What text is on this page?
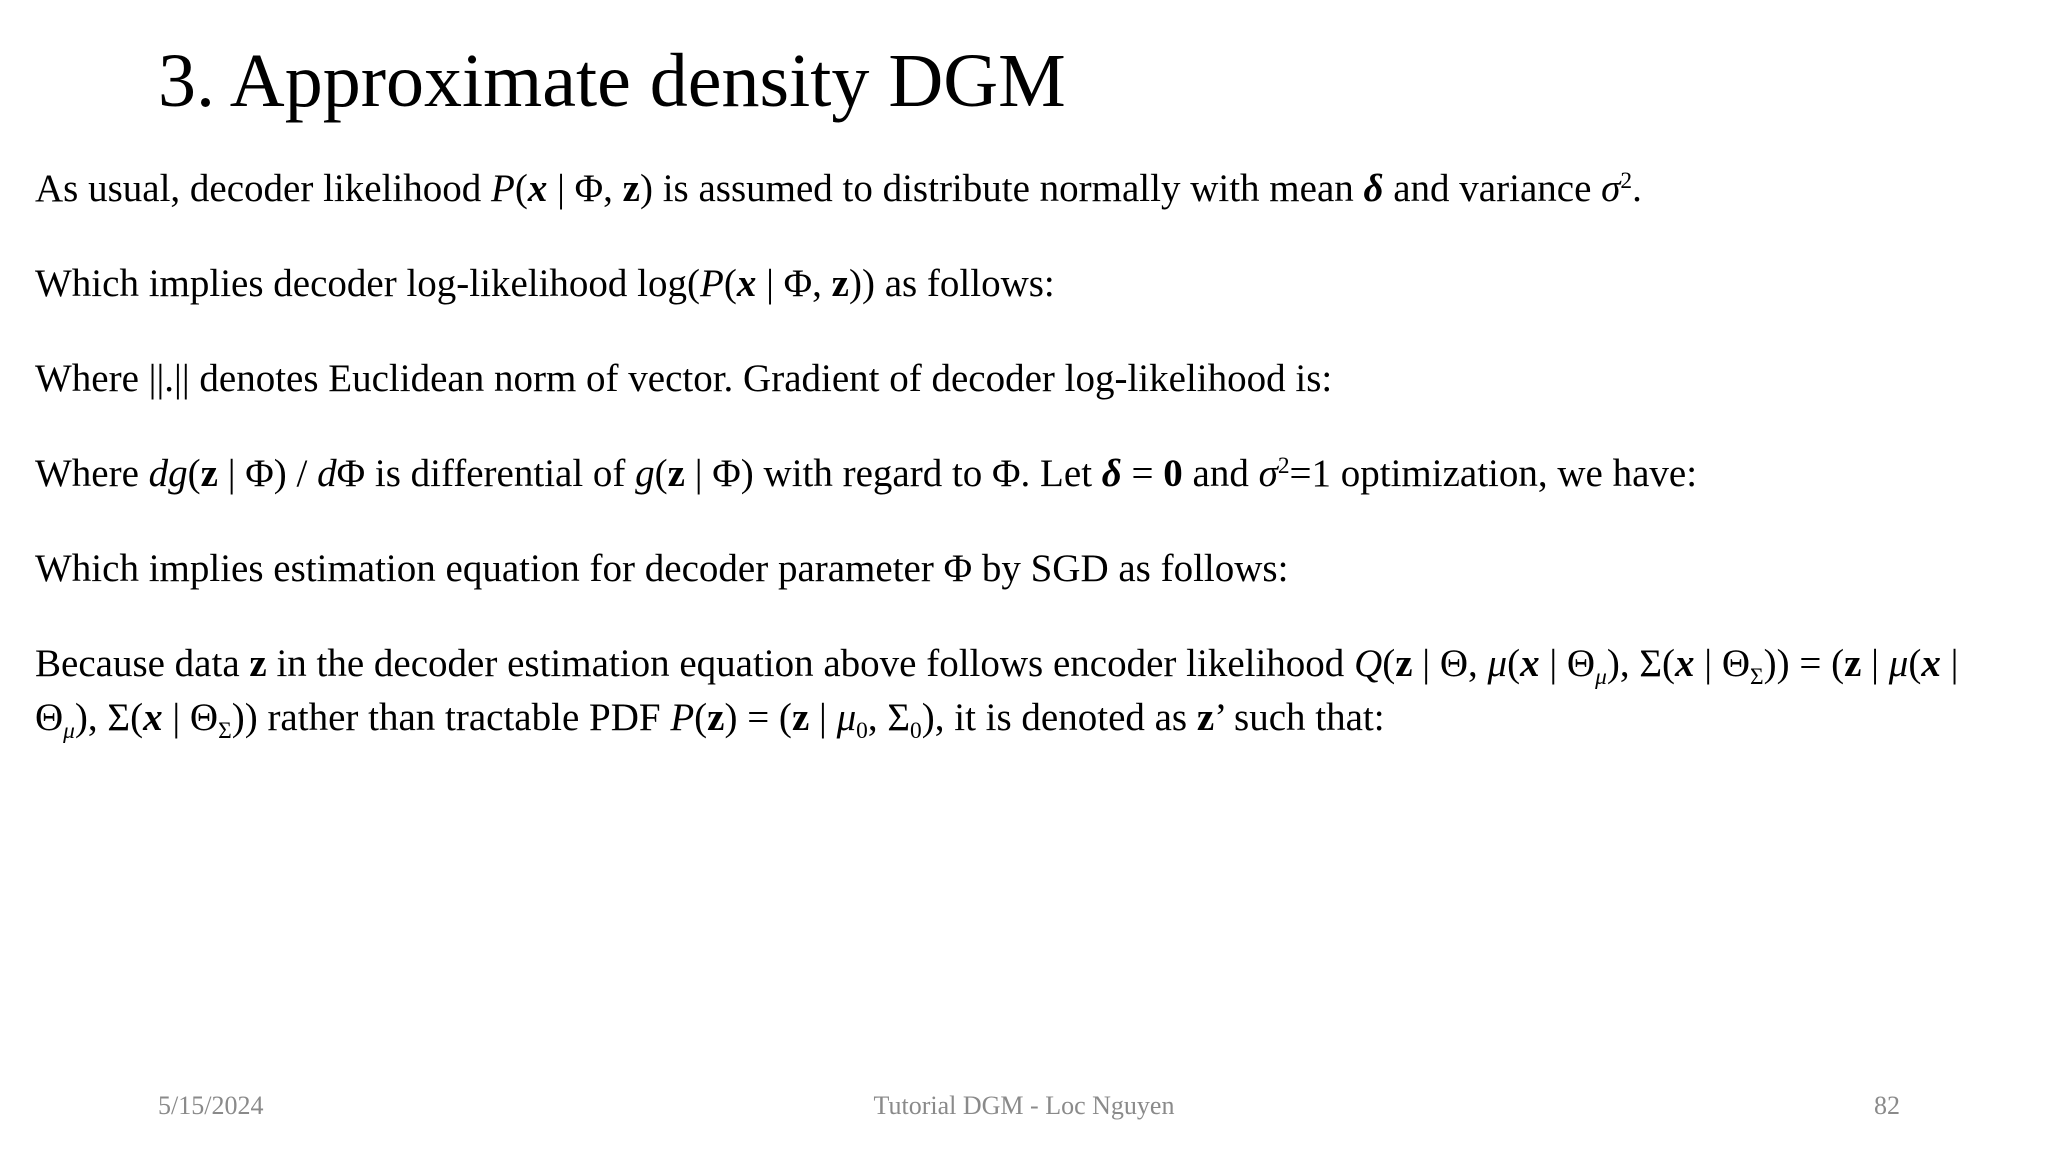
3. Approximate density DGM
As usual, decoder likelihood P(x | Φ, z) is assumed to distribute normally with mean δ and variance $\sigma^2$.
Which implies decoder log-likelihood log(P(x | Φ, z)) as follows:
Where ||.|| denotes Euclidean norm of vector. Gradient of decoder log-likelihood is:
Where dg(z | Φ) / dΦ is differential of g(z | Φ) with regard to Φ. Let δ = 0 and $\sigma^2=1$ optimization, we have:
Which implies estimation equation for decoder parameter Φ by SGD as follows:
Because data z in the decoder estimation equation above follows encoder likelihood Q(z | Θ, μ(x | $\Theta_\mu$), Σ(x | $\Theta_\Sigma)) = (z$ | μ(x |
$\Theta_\mu$), Σ(x | $\Theta_\Sigma$)) rather than tractable PDF P(z) = (z | $\mu_0$, $\Sigma_0$), it is denoted as z’ such that:
5/15/2024	Tutorial DGM - Loc Nguyen	82
